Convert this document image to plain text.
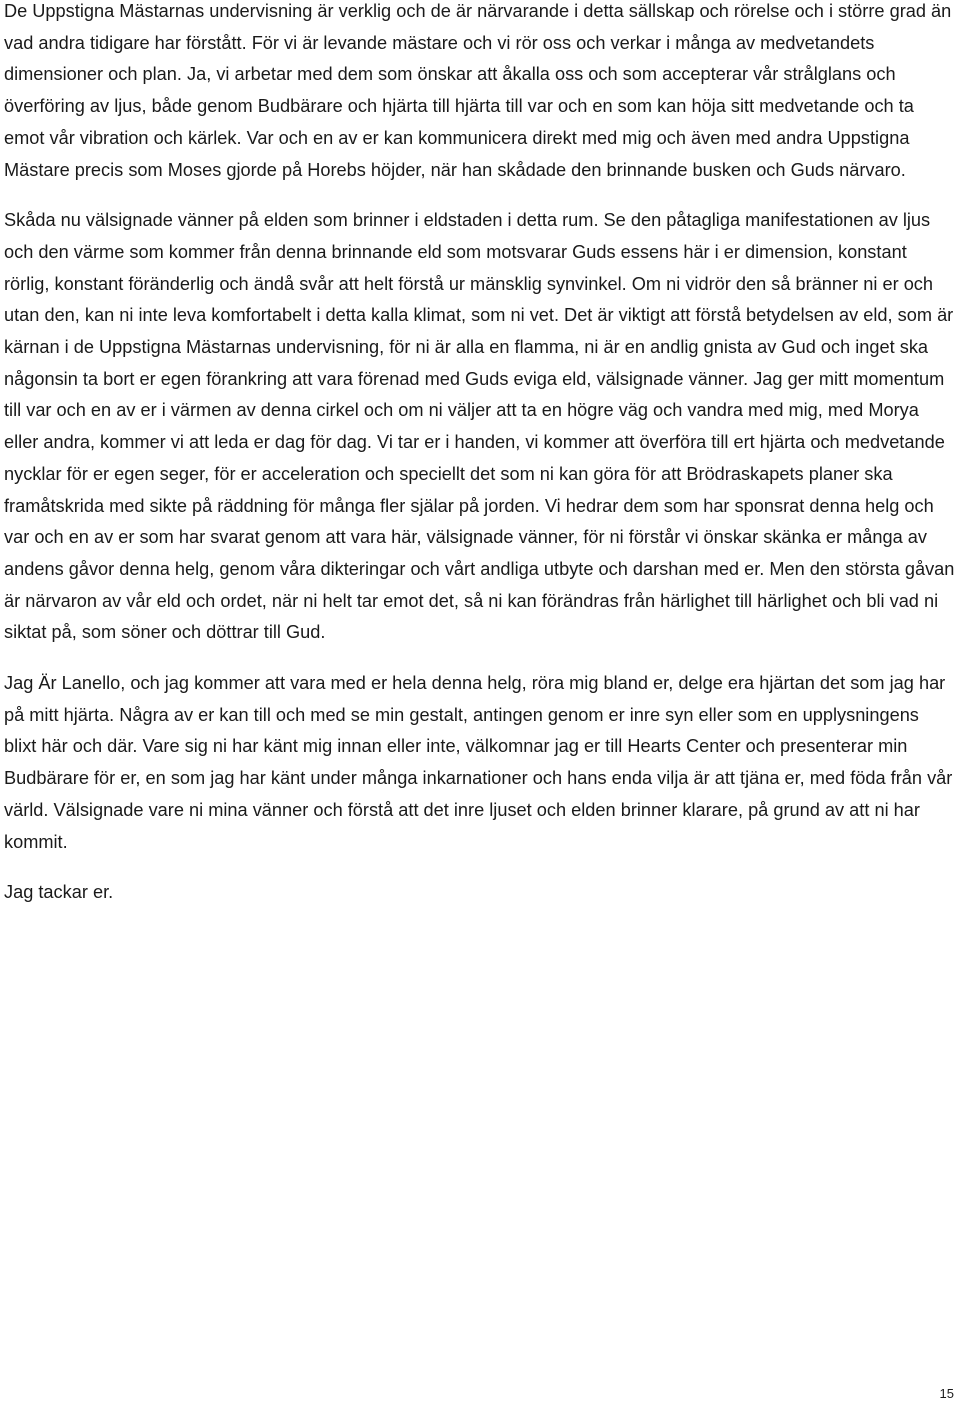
De Uppstigna Mästarnas undervisning är verklig och de är närvarande i detta sällskap och rörelse och i större grad än vad andra tidigare har förstått. För vi är levande mästare och vi rör oss och verkar i många av medvetandets dimensioner och plan. Ja, vi arbetar med dem som önskar att åkalla oss och som accepterar vår strålglans och överföring av ljus, både genom Budbärare och hjärta till hjärta till var och en som kan höja sitt medvetande och ta emot vår vibration och kärlek. Var och en av er kan kommunicera direkt med mig och även med andra Uppstigna Mästare precis som Moses gjorde på Horebs höjder, när han skådade den brinnande busken och Guds närvaro.

Skåda nu välsignade vänner på elden som brinner i eldstaden i detta rum. Se den påtagliga manifestationen av ljus och den värme som kommer från denna brinnande eld som motsvarar Guds essens här i er dimension, konstant rörlig, konstant föränderlig och ändå svår att helt förstå ur mänsklig synvinkel. Om ni vidrör den så bränner ni er och utan den, kan ni inte leva komfortabelt i detta kalla klimat, som ni vet. Det är viktigt att förstå betydelsen av eld, som är kärnan i de Uppstigna Mästarnas undervisning, för ni är alla en flamma, ni är en andlig gnista av Gud och inget ska någonsin ta bort er egen förankring att vara förenad med Guds eviga eld, välsignade vänner. Jag ger mitt momentum till var och en av er i värmen av denna cirkel och om ni väljer att ta en högre väg och vandra med mig, med Morya eller andra, kommer vi att leda er dag för dag. Vi tar er i handen, vi kommer att överföra till ert hjärta och medvetande nycklar för er egen seger, för er acceleration och speciellt det som ni kan göra för att Brödraskapets planer ska framåtskrida med sikte på räddning för många fler själar på jorden. Vi hedrar dem som har sponsrat denna helg och var och en av er som har svarat genom att vara här, välsignade vänner, för ni förstår vi önskar skänka er många av andens gåvor denna helg, genom våra dikteringar och vårt andliga utbyte och darshan med er. Men den största gåvan är närvaron av vår eld och ordet, när ni helt tar emot det, så ni kan förändras från härlighet till härlighet och bli vad ni siktat på, som söner och döttrar till Gud.

Jag Är Lanello, och jag kommer att vara med er hela denna helg, röra mig bland er, delge era hjärtan det som jag har på mitt hjärta. Några av er kan till och med se min gestalt, antingen genom er inre syn eller som en upplysningens blixt här och där. Vare sig ni har känt mig innan eller inte, välkomnar jag er till Hearts Center och presenterar min Budbärare för er, en som jag har känt under många inkarnationer och hans enda vilja är att tjäna er, med föda från vår värld. Välsignade vare ni mina vänner och förstå att det inre ljuset och elden brinner klarare, på grund av att ni har kommit.

Jag tackar er.

15
